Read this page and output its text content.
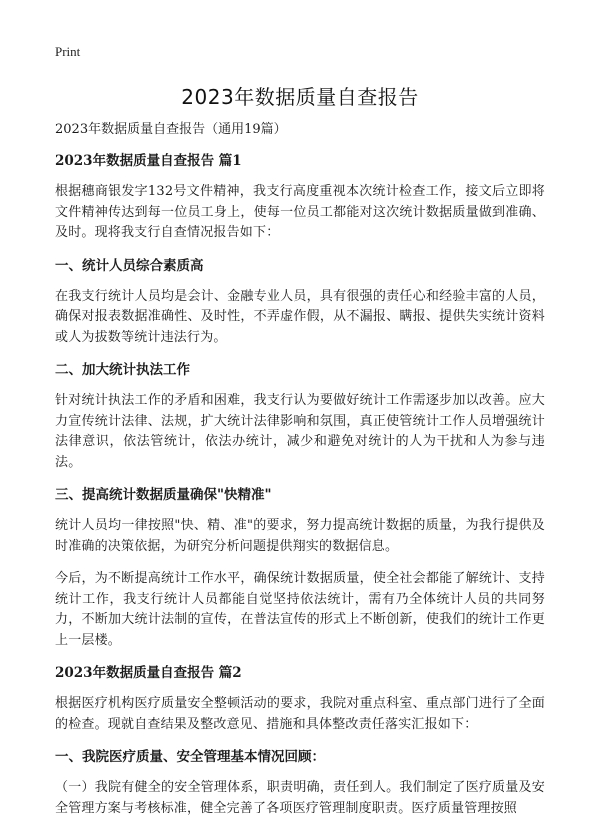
Print
2023年数据质量自查报告

2023年数据质量自查报告（通用19篇）

2023年数据质量自查报告 篇1

根据穗商银发字132号文件精神，我支行高度重视本次统计检查工作，接文后立即将文件精神传达到每一位员工身上，使每一位员工都能对这次统计数据质量做到准确、及时。现将我支行自查情况报告如下：

一、统计人员综合素质高

在我支行统计人员均是会计、金融专业人员，具有很强的责任心和经验丰富的人员，确保对报表数据准确性、及时性，不弄虚作假，从不漏报、瞒报、提供失实统计资料或人为拔数等统计违法行为。

二、加大统计执法工作

针对统计执法工作的矛盾和困难，我支行认为要做好统计工作需逐步加以改善。应大力宣传统计法律、法规，扩大统计法律影响和氛围，真正使管统计工作人员增强统计法律意识，依法管统计，依法办统计，减少和避免对统计的人为干扰和人为参与违法。

三、提高统计数据质量确保"快精准"

统计人员均一律按照"快、精、准"的要求，努力提高统计数据的质量，为我行提供及时准确的决策依据，为研究分析问题提供翔实的数据信息。

今后，为不断提高统计工作水平，确保统计数据质量，使全社会都能了解统计、支持统计工作，我支行统计人员都能自觉坚持依法统计，需有乃全体统计人员的共同努力，不断加大统计法制的宣传，在普法宣传的形式上不断创新，使我们的统计工作更上一层楼。

2023年数据质量自查报告 篇2

根据医疗机构医疗质量安全整顿活动的要求，我院对重点科室、重点部门进行了全面的检查。现就自查结果及整改意见、措施和具体整改责任落实汇报如下：

一、我院医疗质量、安全管理基本情况回顾：

（一）我院有健全的安全管理体系，职责明确，责任到人。我们制定了医疗质量及安全管理方案与考核标准，健全完善了各项医疗管理制度职责。医疗质量管理按照
